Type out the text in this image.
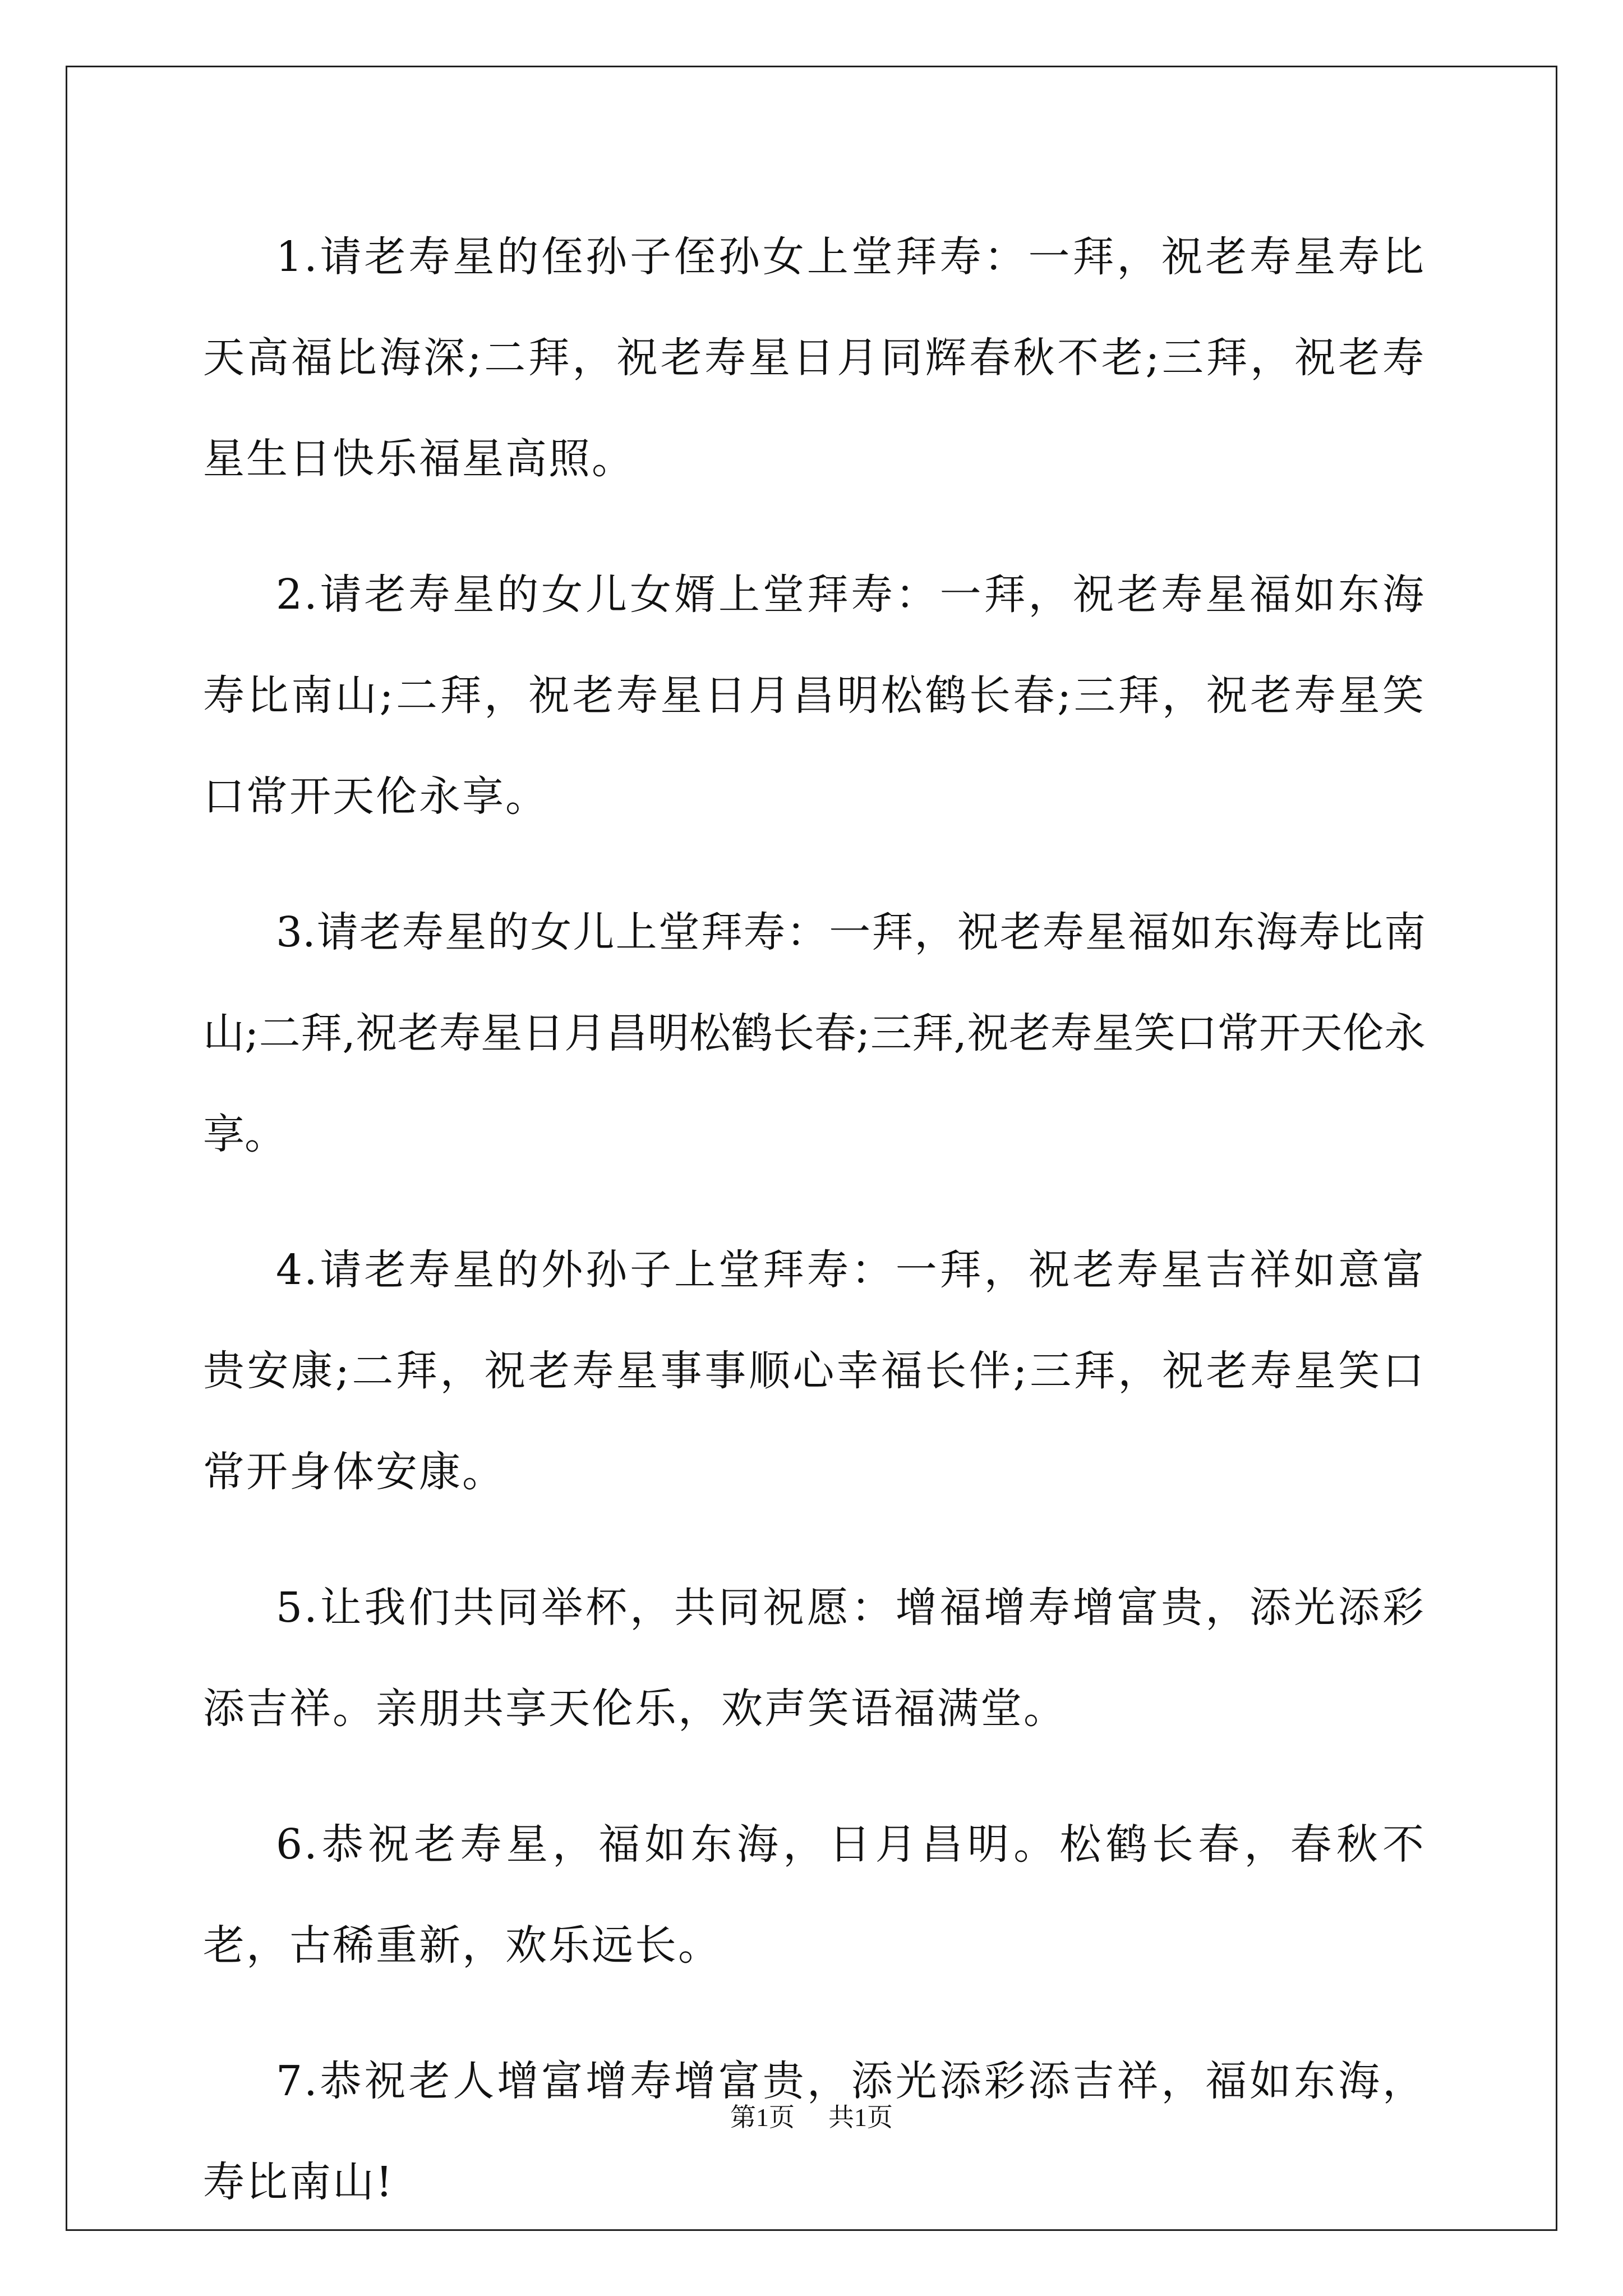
1.请老寿星的侄孙子侄孙女上堂拜寿：一拜，祝老寿星寿比天高福比海深;二拜，祝老寿星日月同辉春秋不老;三拜，祝老寿星生日快乐福星高照。

2.请老寿星的女儿女婿上堂拜寿：一拜，祝老寿星福如东海寿比南山;二拜，祝老寿星日月昌明松鹤长春;三拜，祝老寿星笑口常开天伦永享。

3.请老寿星的女儿上堂拜寿：一拜，祝老寿星福如东海寿比南山;二拜,祝老寿星日月昌明松鹤长春;三拜,祝老寿星笑口常开天伦永享。

4.请老寿星的外孙子上堂拜寿：一拜，祝老寿星吉祥如意富贵安康;二拜，祝老寿星事事顺心幸福长伴;三拜，祝老寿星笑口常开身体安康。

5.让我们共同举杯，共同祝愿：增福增寿增富贵，添光添彩添吉祥。亲朋共享天伦乐，欢声笑语福满堂。

6.恭祝老寿星，福如东海，日月昌明。松鹤长春，春秋不老，古稀重新，欢乐远长。

7.恭祝老人增富增寿增富贵，添光添彩添吉祥，福如东海，寿比南山!

第1页 共1页
